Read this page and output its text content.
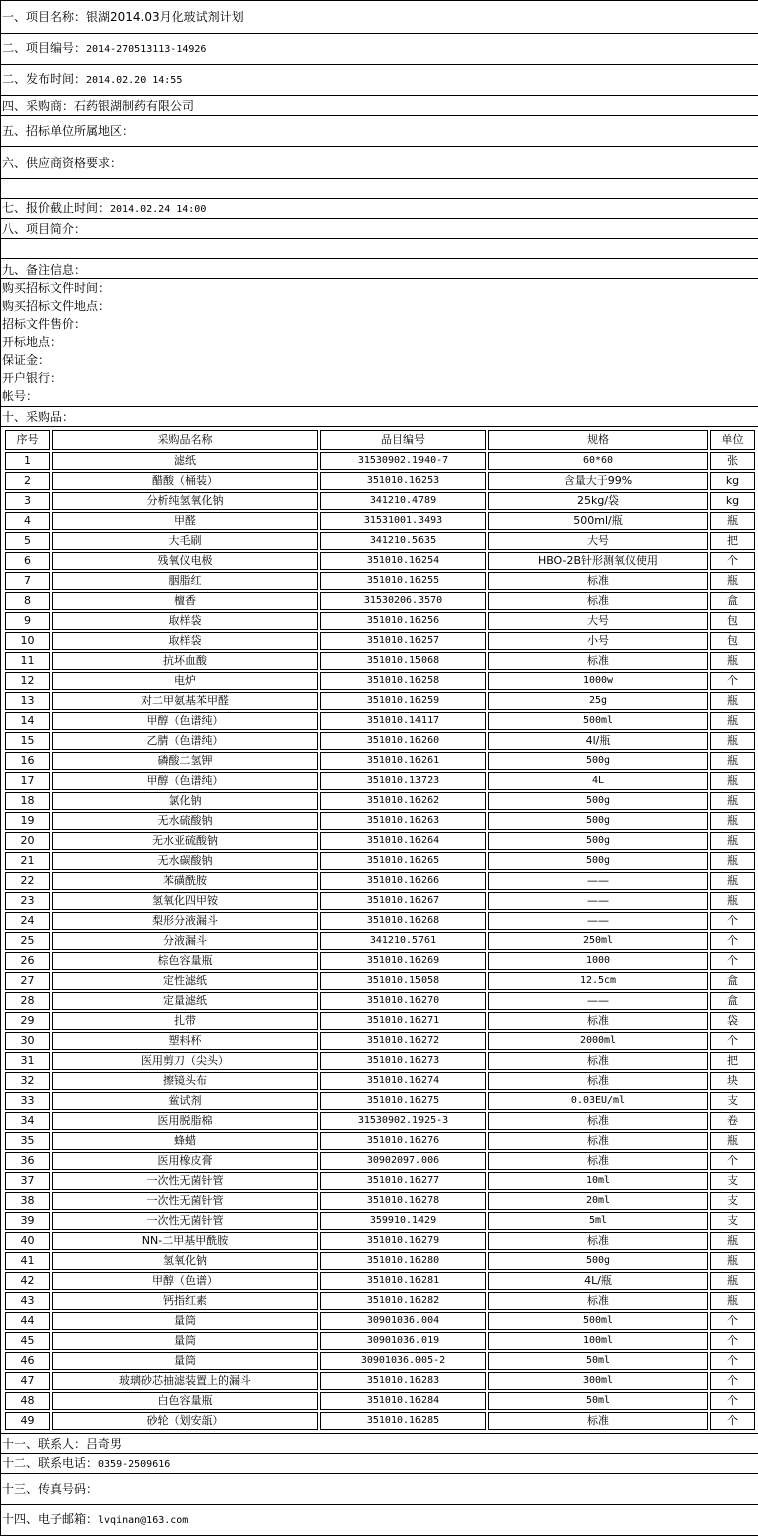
一、项目名称：银湖2014.03月化玻试剂计划
二、项目编号：2014-270513113-14926
二、发布时间：2014.02.20 14:55
四、采购商：石药银湖制药有限公司
五、招标单位所属地区：
六、供应商资格要求：

七、报价截止时间：2014.02.24 14:00
八、项目简介：

九、备注信息：

购买招标文件时间：
购买招标文件地点：
招标文件售价：
开标地点：
保证金：
开户银行：
帐号：

十、采购品：

序号	采购品名称	品目编号	规格	单位
1	滤纸	31530902.1940-7	60*60	张
2	醋酸（桶装）	351010.16253	含量大于99%	kg
3	分析纯氢氧化钠	341210.4789	25kg/袋	kg
4	甲醛	31531001.3493	500ml/瓶	瓶
5	大毛刷	341210.5635	大号	把
6	残氧仪电极	351010.16254	HBO-2B针形测氧仪使用	个
7	胭脂红	351010.16255	标准	瓶
8	檀香	31530206.3570	标准	盒
9	取样袋	351010.16256	大号	包
10	取样袋	351010.16257	小号	包
11	抗坏血酸	351010.15068	标准	瓶
12	电炉	351010.16258	1000w	个
13	对二甲氨基苯甲醛	351010.16259	25g	瓶
14	甲醇（色谱纯）	351010.14117	500ml	瓶
15	乙腈（色谱纯）	351010.16260	4l/瓶	瓶
16	磷酸二氢钾	351010.16261	500g	瓶
17	甲醇（色谱纯）	351010.13723	4L	瓶
18	氯化钠	351010.16262	500g	瓶
19	无水硫酸钠	351010.16263	500g	瓶
20	无水亚硫酸钠	351010.16264	500g	瓶
21	无水碳酸钠	351010.16265	500g	瓶
22	苯磺酰胺	351010.16266	——	瓶
23	氢氧化四甲铵	351010.16267	——	瓶
24	梨形分液漏斗	351010.16268	——	个
25	分液漏斗	341210.5761	250ml	个
26	棕色容量瓶	351010.16269	1000	个
27	定性滤纸	351010.15058	12.5cm	盒
28	定量滤纸	351010.16270	——	盒
29	扎带	351010.16271	标准	袋
30	塑料杯	351010.16272	2000ml	个
31	医用剪刀（尖头）	351010.16273	标准	把
32	擦镜头布	351010.16274	标准	块
33	鲎试剂	351010.16275	0.03EU/ml	支
34	医用脱脂棉	31530902.1925-3	标准	卷
35	蜂蜡	351010.16276	标准	瓶
36	医用橡皮膏	30902097.006	标准	个
37	一次性无菌针管	351010.16277	10ml	支
38	一次性无菌针管	351010.16278	20ml	支
39	一次性无菌针管	359910.1429	5ml	支
40	NN-二甲基甲酰胺	351010.16279	标准	瓶
41	氢氧化钠	351010.16280	500g	瓶
42	甲醇（色谱）	351010.16281	4L/瓶	瓶
43	钙指红素	351010.16282	标准	瓶
44	量筒	30901036.004	500ml	个
45	量筒	30901036.019	100ml	个
46	量筒	30901036.005-2	50ml	个
47	玻璃砂芯抽滤装置上的漏斗	351010.16283	300ml	个
48	白色容量瓶	351010.16284	50ml	个
49	砂轮（划安瓿）	351010.16285	标准	个

十一、联系人：吕奇男
十二、联系电话：0359-2509616
十三、传真号码：
十四、电子邮箱：lvqinan@163.com
